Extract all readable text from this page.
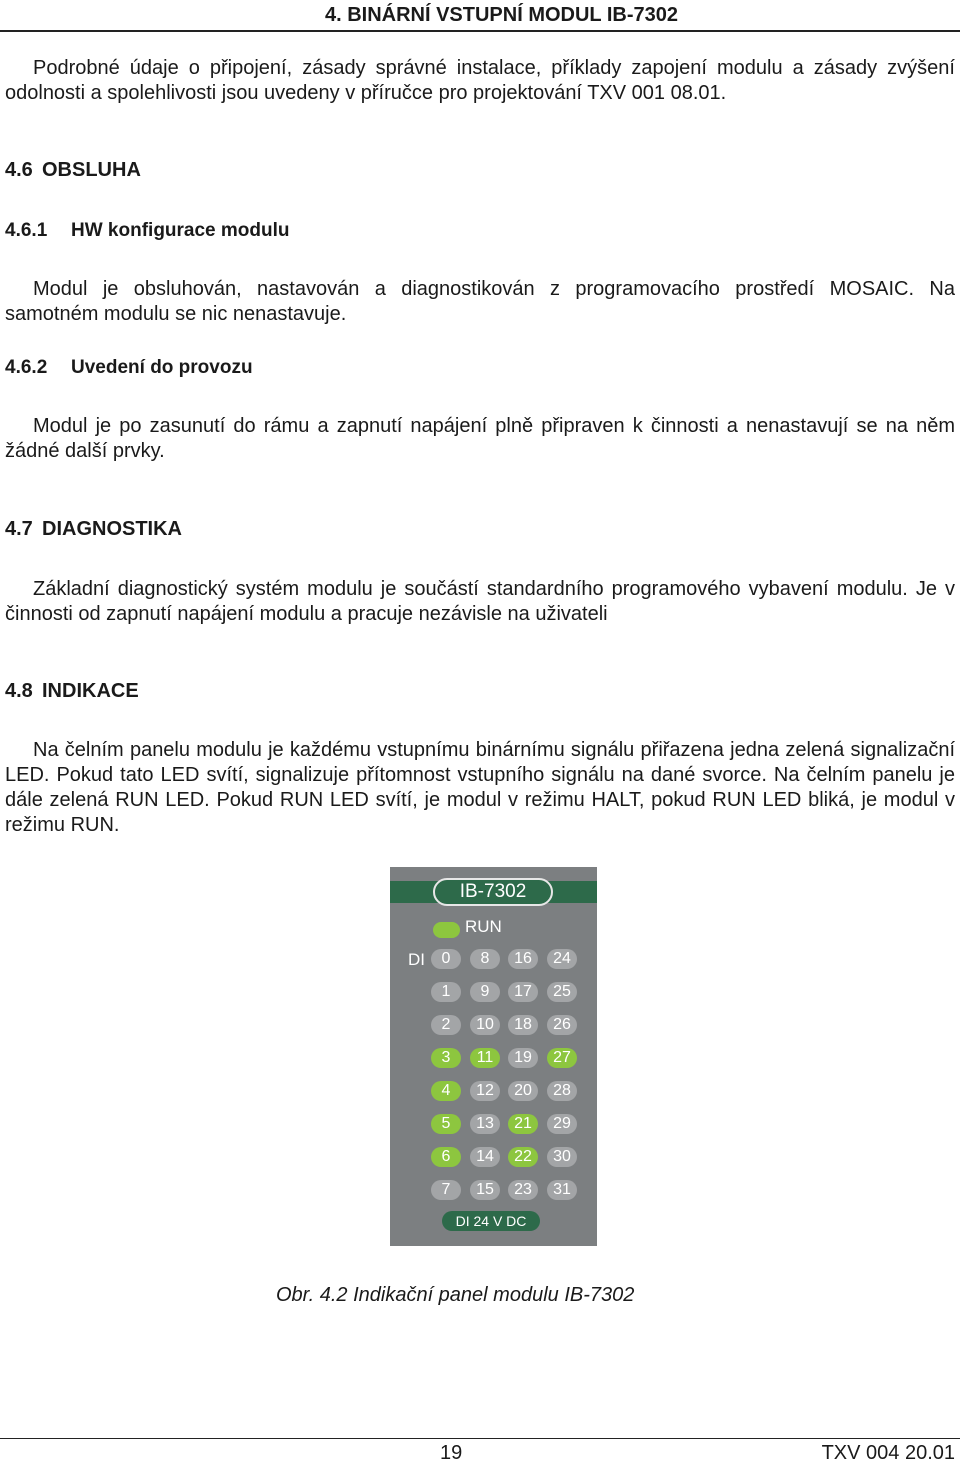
4. BINÁRNÍ VSTUPNÍ MODUL IB-7302

Podrobné údaje o připojení, zásady správné instalace, příklady zapojení modulu a zásady zvýšení odolnosti a spolehlivosti jsou uvedeny v příručce pro projektování TXV 001 08.01.

4.6 OBSLUHA
4.6.1 HW konfigurace modulu

Modul je obsluhován, nastavován a diagnostikován z programovacího prostředí MOSAIC. Na samotném modulu se nic nenastavuje.

4.6.2 Uvedení do provozu

Modul je po zasunutí do rámu a zapnutí napájení plně připraven k činnosti a nenastavují se na něm žádné další prvky.

4.7 DIAGNOSTIKA

Základní diagnostický systém modulu je součástí standardního programového vybavení modulu. Je v činnosti od zapnutí napájení modulu a pracuje nezávisle na uživateli

4.8 INDIKACE

Na čelním panelu modulu je každému vstupnímu binárnímu signálu přiřazena jedna zelená signalizační LED. Pokud tato LED svítí, signalizuje přítomnost vstupního signálu na dané svorce. Na čelním panelu je dále zelená RUN LED. Pokud RUN LED svítí, je modul v režimu HALT, pokud RUN LED bliká, je modul v režimu RUN.

IB-7302
RUN
DI
DI 24 V DC
0
1
2
3
4
5
6
7
8
9
10
11
12
13
14
15
16
17
18
19
20
21
22
23
24
25
26
27
28
29
30
31
Obr. 4.2 Indikační panel modulu IB-7302
19	TXV 004 20.01
